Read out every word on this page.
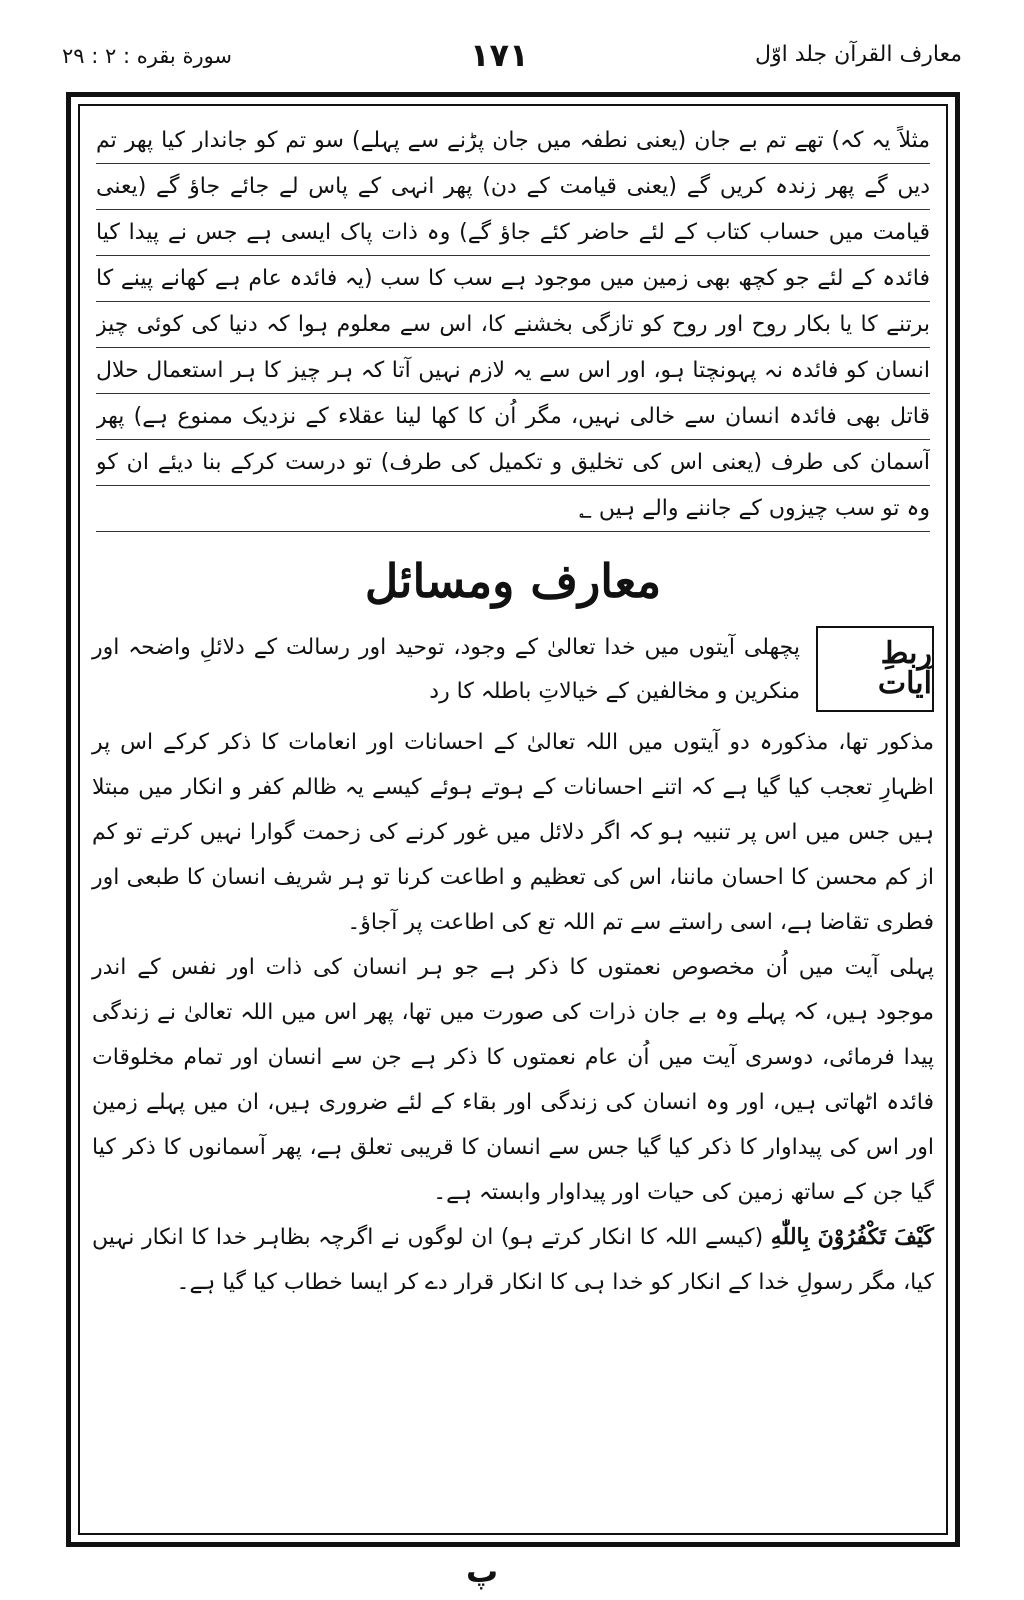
سورة بقره : ۲ : ۲۹	۱۷۱	معارف القرآن جلد اوّل
مثلاً یہ کہ) تھے تم بے جان (یعنی نطفہ میں جان پڑنے سے پہلے) سو تم کو جاندار کیا پھر تم
دیں گے پھر زندہ کریں گے (یعنی قیامت کے دن) پھر انہی کے پاس لے جائے جاؤ گے (یعنی
قیامت میں حساب کتاب کے لئے حاضر کئے جاؤ گے) وہ ذات پاک ایسی ہے جس نے پیدا کیا
فائدہ کے لئے جو کچھ بھی زمین میں موجود ہے سب کا سب (یہ فائدہ عام ہے کھانے پینے کا
برتنے کا یا بکار روح اور روح کو تازگی بخشنے کا، اس سے معلوم ہوا کہ دنیا کی کوئی چیز
انسان کو فائدہ نہ پہونچتا ہو، اور اس سے یہ لازم نہیں آتا کہ ہر چیز کا ہر استعمال حلال
قاتل بھی فائدہ انسان سے خالی نہیں، مگر اُن کا کھا لینا عقلاء کے نزدیک ممنوع ہے) پھر
آسمان کی طرف (یعنی اس کی تخلیق و تکمیل کی طرف) تو درست کرکے بنا دیئے ان کو
وہ تو سب چیزوں کے جاننے والے ہیں ؂
معارف ومسائل
ربطِ آیات
پچھلی آیتوں میں خدا تعالیٰ کے وجود، توحید اور رسالت کے دلائلِ واضحہ اور منکرین و مخالفین کے خیالاتِ باطلہ کا رد

مذکور تھا، مذکورہ دو آیتوں میں اللہ تعالیٰ کے احسانات اور انعامات کا ذکر کرکے اس پر اظہارِ تعجب کیا گیا ہے کہ اتنے احسانات کے ہوتے ہوئے کیسے یہ ظالم کفر و انکار میں مبتلا ہیں جس میں اس پر تنبیہ ہو کہ اگر دلائل میں غور کرنے کی زحمت گوارا نہیں کرتے تو کم از کم محسن کا احسان ماننا، اس کی تعظیم و اطاعت کرنا تو ہر شریف انسان کا طبعی اور فطری تقاضا ہے، اسی راستے سے تم اللہ تع کی اطاعت پر آجاؤ۔

پہلی آیت میں اُن مخصوص نعمتوں کا ذکر ہے جو ہر انسان کی ذات اور نفس کے اندر موجود ہیں، کہ پہلے وہ بے جان ذرات کی صورت میں تھا، پھر اس میں اللہ تعالیٰ نے زندگی پیدا فرمائی، دوسری آیت میں اُن عام نعمتوں کا ذکر ہے جن سے انسان اور تمام مخلوقات فائدہ اٹھاتی ہیں، اور وہ انسان کی زندگی اور بقاء کے لئے ضروری ہیں، ان میں پہلے زمین اور اس کی پیداوار کا ذکر کیا گیا جس سے انسان کا قریبی تعلق ہے، پھر آسمانوں کا ذکر کیا گیا جن کے ساتھ زمین کی حیات اور پیداوار وابستہ ہے۔

كَيْفَ تَكْفُرُوْنَ بِاللّٰهِ (کیسے اللہ کا انکار کرتے ہو) ان لوگوں نے اگرچہ بظاہر خدا کا انکار نہیں کیا، مگر رسولِ خدا کے انکار کو خدا ہی کا انکار قرار دے کر ایسا خطاب کیا گیا ہے۔

پ
